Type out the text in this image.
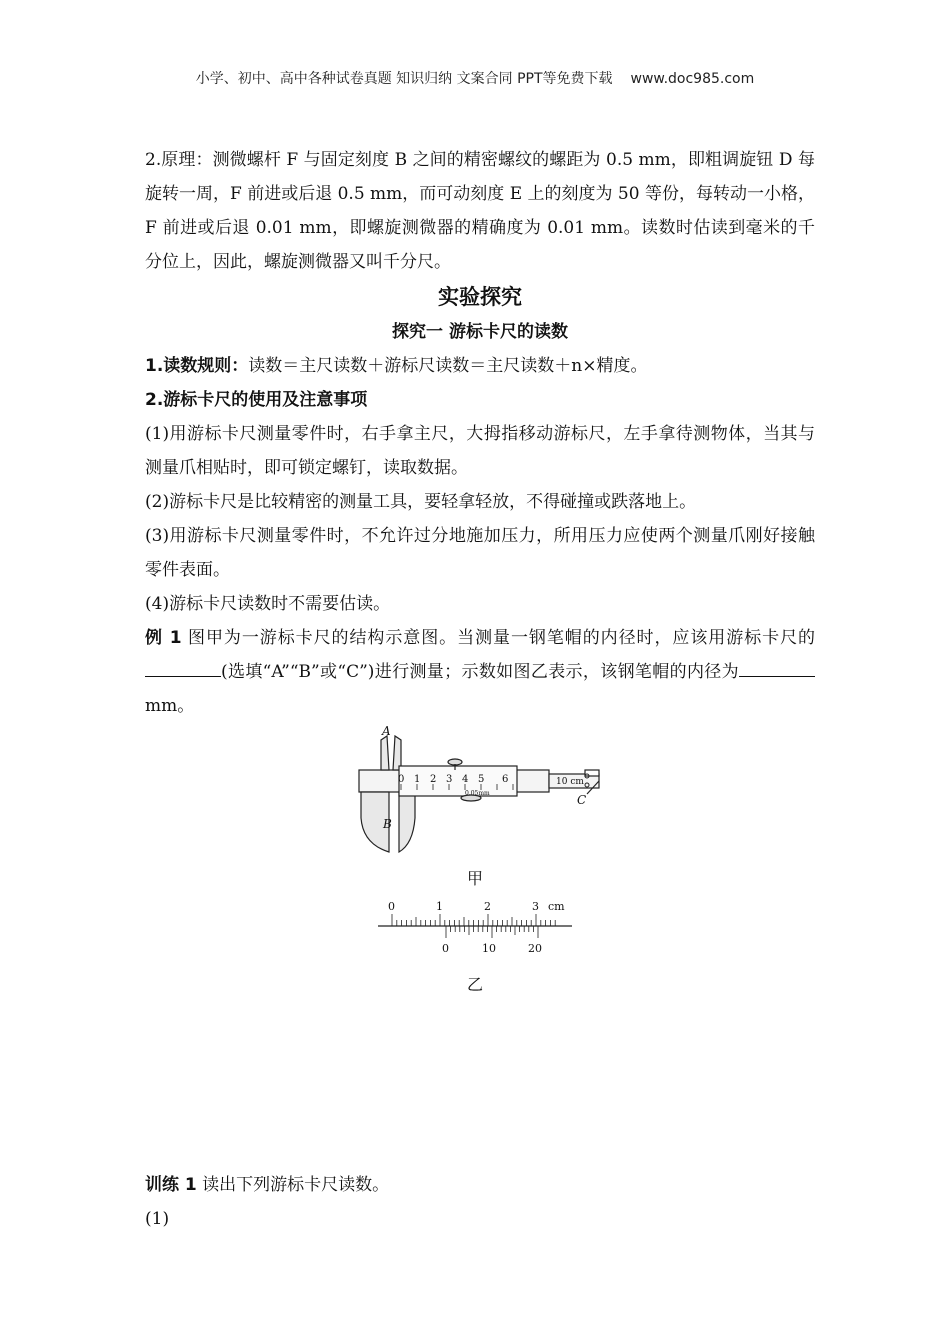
小学、初中、高中各种试卷真题 知识归纳 文案合同 PPT等免费下载 www.doc985.com

2.原理：测微螺杆 F 与固定刻度 B 之间的精密螺纹的螺距为 0.5 mm，即粗调旋钮 D 每旋转一周，F 前进或后退 0.5 mm，而可动刻度 E 上的刻度为 50 等份，每转动一小格，F 前进或后退 0.01 mm，即螺旋测微器的精确度为 0.01 mm。读数时估读到毫米的千分位上，因此，螺旋测微器又叫千分尺。

实验探究

探究一 游标卡尺的读数

1.读数规则：读数＝主尺读数＋游标尺读数＝主尺读数＋n×精度。

2.游标卡尺的使用及注意事项

(1)用游标卡尺测量零件时，右手拿主尺，大拇指移动游标尺，左手拿待测物体，当其与测量爪相贴时，即可锁定螺钉，读取数据。

(2)游标卡尺是比较精密的测量工具，要轻拿轻放，不得碰撞或跌落地上。

(3)用游标卡尺测量零件时，不允许过分地施加压力，所用压力应使两个测量爪刚好接触零件表面。

(4)游标卡尺读数时不需要估读。

例 1 图甲为一游标卡尺的结构示意图。当测量一钢笔帽的内径时，应该用游标卡尺的(选填“A”“B”或“C”)进行测量；示数如图乙表示，该钢笔帽的内径为mm。

0 1 2 3 4 5 6	10 cm
0.05mm
A
B
C
甲
0	1	2	3 cm
0	10	20
乙

训练 1 读出下列游标卡尺读数。

(1)
